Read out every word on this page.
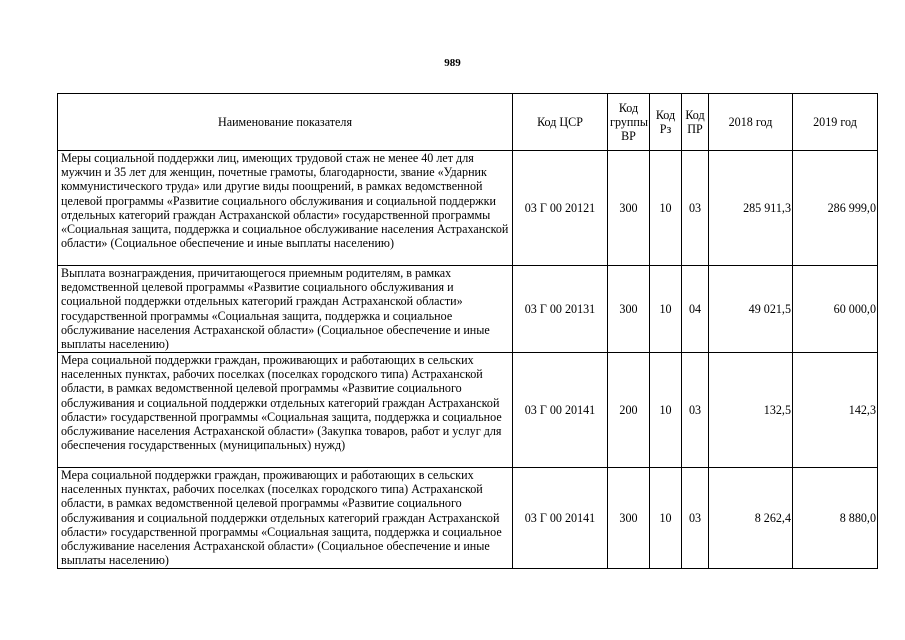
989
Наименование показателя	Код ЦСР	Код группы ВР	Код Рз	Код ПР	2018 год	2019 год
Меры социальной поддержки лиц, имеющих трудовой стаж не менее 40 лет для мужчин и 35 лет для женщин, почетные грамоты, благодарности, звание «Ударник коммунистического труда» или другие виды поощрений, в рамках ведомственной целевой программы «Развитие социального обслуживания и социальной поддержки отдельных категорий граждан Астраханской области» государственной программы «Социальная защита, поддержка и социальное обслуживание населения Астраханской области» (Социальное обеспечение и иные выплаты населению)	03 Г 00 20121	300	10	03	285 911,3	286 999,0
Выплата вознаграждения, причитающегося приемным родителям, в рамках ведомственной целевой программы «Развитие социального обслуживания и социальной поддержки отдельных категорий граждан Астраханской области» государственной программы «Социальная защита, поддержка и социальное обслуживание населения Астраханской области» (Социальное обеспечение и иные выплаты населению)	03 Г 00 20131	300	10	04	49 021,5	60 000,0
Мера социальной поддержки граждан, проживающих и работающих в сельских населенных пунктах, рабочих поселках (поселках городского типа) Астраханской области, в рамках ведомственной целевой программы «Развитие социального обслуживания и социальной поддержки отдельных категорий граждан Астраханской области» государственной программы «Социальная защита, поддержка и социальное обслуживание населения Астраханской области» (Закупка товаров, работ и услуг для обеспечения государственных (муниципальных) нужд)	03 Г 00 20141	200	10	03	132,5	142,3
Мера социальной поддержки граждан, проживающих и работающих в сельских населенных пунктах, рабочих поселках (поселках городского типа) Астраханской области, в рамках ведомственной целевой программы «Развитие социального обслуживания и социальной поддержки отдельных категорий граждан Астраханской области» государственной программы «Социальная защита, поддержка и социальное обслуживание населения Астраханской области» (Социальное обеспечение и иные выплаты населению)	03 Г 00 20141	300	10	03	8 262,4	8 880,0
